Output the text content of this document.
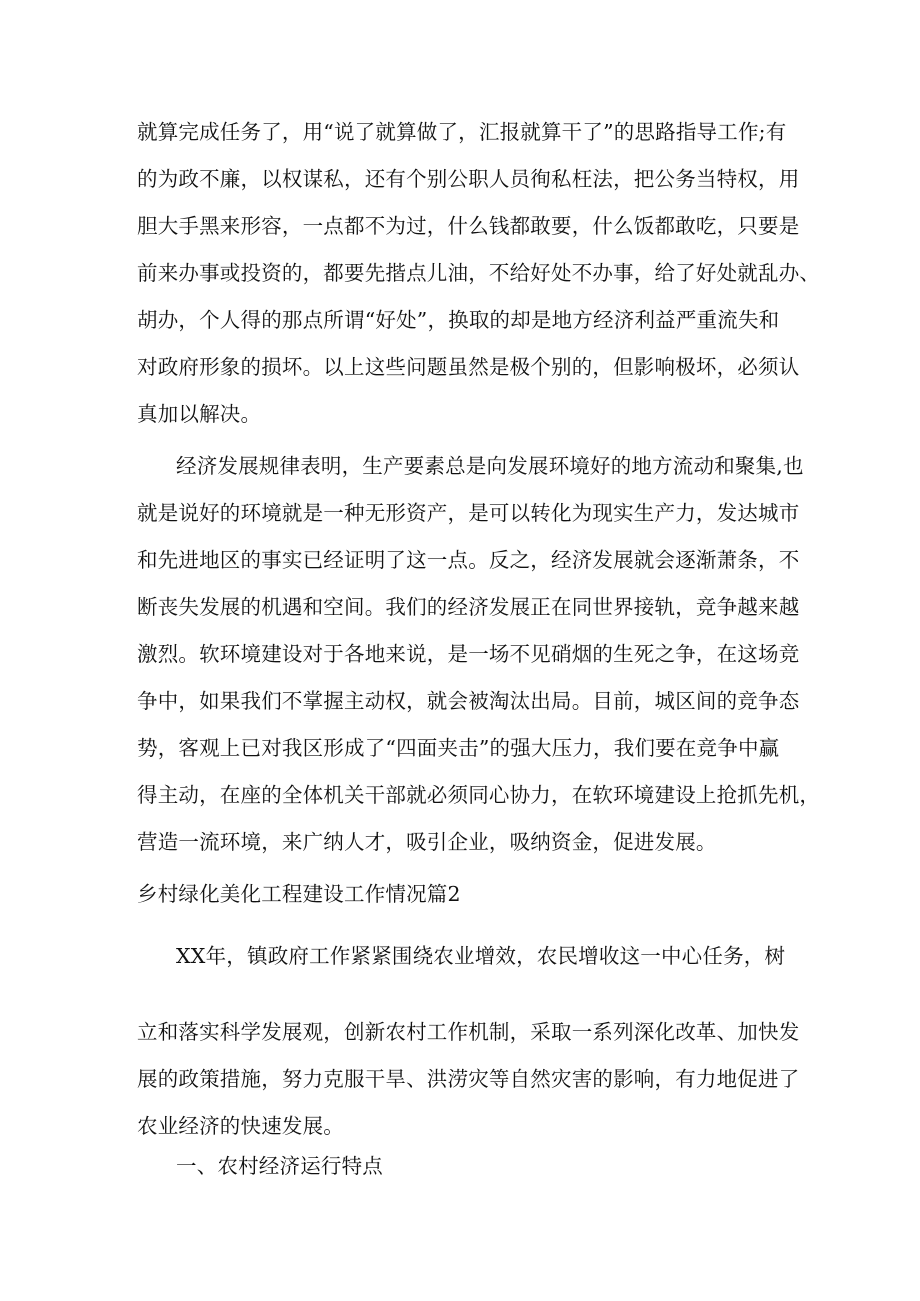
就算完成任务了，用“说了就算做了，汇报就算干了”的思路指导工作;有
的为政不廉，以权谋私，还有个别公职人员徇私枉法，把公务当特权，用
胆大手黑来形容，一点都不为过，什么钱都敢要，什么饭都敢吃，只要是
前来办事或投资的，都要先揩点儿油，不给好处不办事，给了好处就乱办、
胡办，个人得的那点所谓“好处”，换取的却是地方经济利益严重流失和
对政府形象的损坏。以上这些问题虽然是极个别的，但影响极坏，必须认
真加以解决。
经济发展规律表明，生产要素总是向发展环境好的地方流动和聚集,也
就是说好的环境就是一种无形资产，是可以转化为现实生产力，发达城市
和先进地区的事实已经证明了这一点。反之，经济发展就会逐渐萧条，不
断丧失发展的机遇和空间。我们的经济发展正在同世界接轨，竞争越来越
激烈。软环境建设对于各地来说，是一场不见硝烟的生死之争，在这场竞
争中，如果我们不掌握主动权，就会被淘汰出局。目前，城区间的竞争态
势，客观上已对我区形成了“四面夹击”的强大压力，我们要在竞争中赢
得主动，在座的全体机关干部就必须同心协力，在软环境建设上抢抓先机，
营造一流环境，来广纳人才，吸引企业，吸纳资金，促进发展。
乡村绿化美化工程建设工作情况篇2
XX年，镇政府工作紧紧围绕农业增效，农民增收这一中心任务，树
立和落实科学发展观，创新农村工作机制，采取一系列深化改革、加快发
展的政策措施，努力克服干旱、洪涝灾等自然灾害的影响，有力地促进了
农业经济的快速发展。
一、农村经济运行特点
